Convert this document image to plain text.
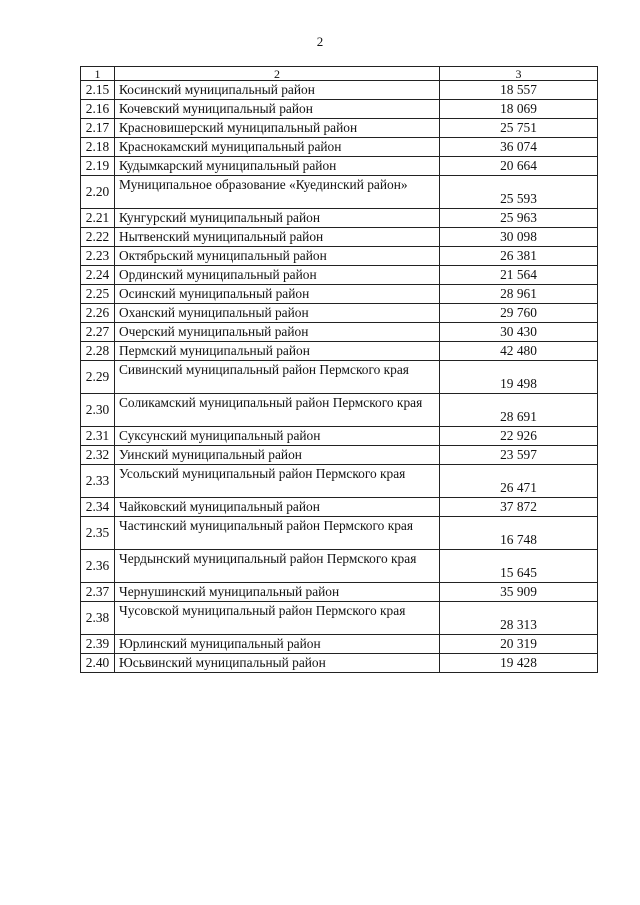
2
1	2	3
2.15	Косинский муниципальный район	18 557
2.16	Кочевский муниципальный район	18 069
2.17	Красновишерский муниципальный район	25 751
2.18	Краснокамский муниципальный район	36 074
2.19	Кудымкарский муниципальный район	20 664
2.20	Муниципальное образование «Куединский район»	25 593
2.21	Кунгурский муниципальный район	25 963
2.22	Нытвенский муниципальный район	30 098
2.23	Октябрьский муниципальный район	26 381
2.24	Ординский муниципальный район	21 564
2.25	Осинский муниципальный район	28 961
2.26	Оханский муниципальный район	29 760
2.27	Очерский муниципальный район	30 430
2.28	Пермский муниципальный район	42 480
2.29	Сивинский муниципальный район Пермского края	19 498
2.30	Соликамский муниципальный район Пермского края	28 691
2.31	Суксунский муниципальный район	22 926
2.32	Уинский муниципальный район	23 597
2.33	Усольский муниципальный район Пермского края	26 471
2.34	Чайковский муниципальный район	37 872
2.35	Частинский муниципальный район Пермского края	16 748
2.36	Чердынский муниципальный район Пермского края	15 645
2.37	Чернушинский муниципальный район	35 909
2.38	Чусовской муниципальный район Пермского края	28 313
2.39	Юрлинский муниципальный район	20 319
2.40	Юсьвинский муниципальный район	19 428
